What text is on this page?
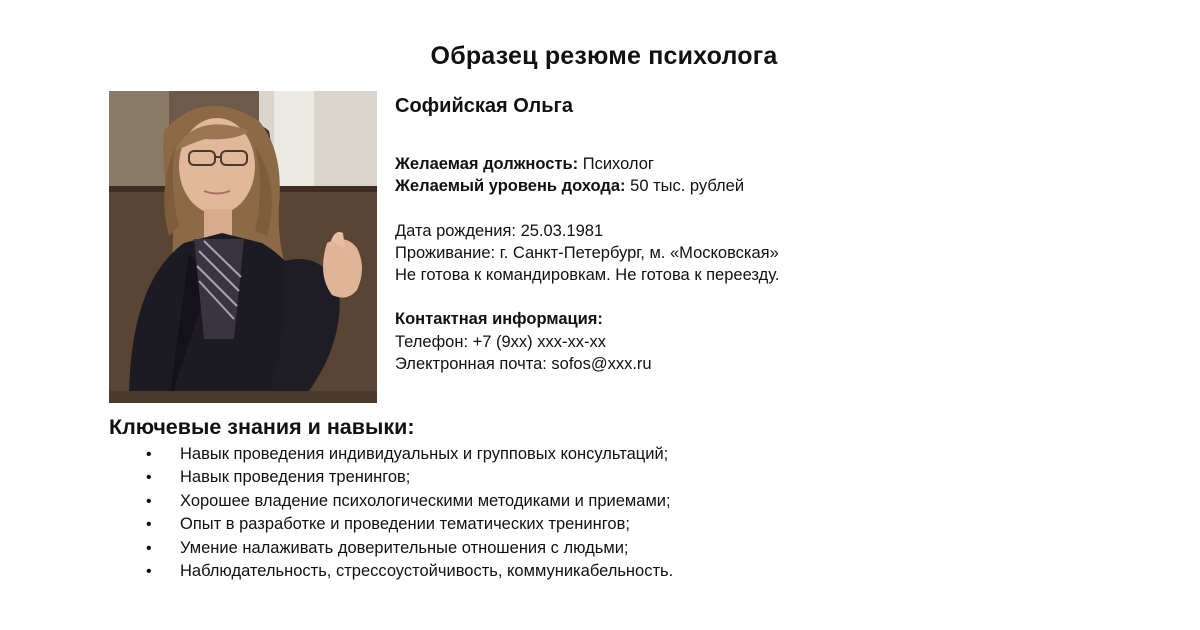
Образец резюме психолога
Софийская Ольга
Желаемая должность: Психолог
Желаемый уровень дохода: 50 тыс. рублей
Дата рождения: 25.03.1981
Проживание: г. Санкт-Петербург, м. «Московская»
Не готова к командировкам. Не готова к переезду.
Контактная информация:
Телефон: +7 (9хх) ххх-хх-хх
Электронная почта: sofos@xxx.ru
Ключевые знания и навыки:
• Навык проведения индивидуальных и групповых консультаций;
• Навык проведения тренингов;
• Хорошее владение психологическими методиками и приемами;
• Опыт в разработке и проведении тематических тренингов;
• Умение налаживать доверительные отношения с людьми;
• Наблюдательность, стрессоустойчивость, коммуникабельность.
